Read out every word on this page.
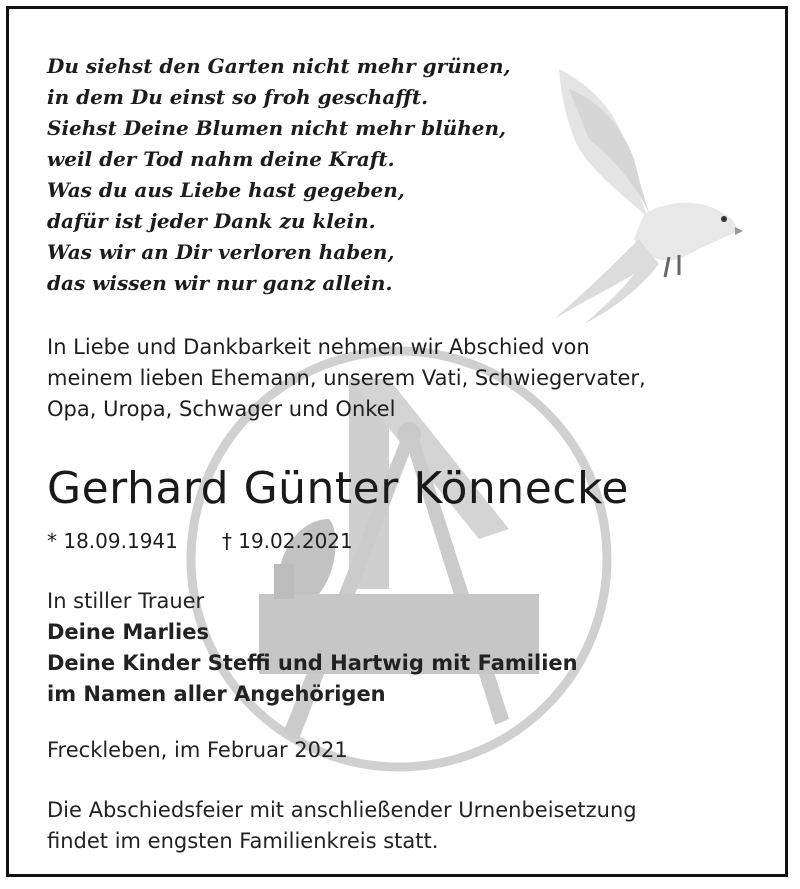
Du siehst den Garten nicht mehr grünen,
in dem Du einst so froh geschafft.
Siehst Deine Blumen nicht mehr blühen,
weil der Tod nahm deine Kraft.
Was du aus Liebe hast gegeben,
dafür ist jeder Dank zu klein.
Was wir an Dir verloren haben,
das wissen wir nur ganz allein.
In Liebe und Dankbarkeit nehmen wir Abschied von
meinem lieben Ehemann, unserem Vati, Schwiegervater,
Opa, Uropa, Schwager und Onkel
Gerhard Günter Könnecke
* 18.09.1941 † 19.02.2021
In stiller Trauer
Deine Marlies
Deine Kinder Steffi und Hartwig mit Familien
im Namen aller Angehörigen
Freckleben, im Februar 2021
Die Abschiedsfeier mit anschließender Urnenbeisetzung
findet im engsten Familienkreis statt.
